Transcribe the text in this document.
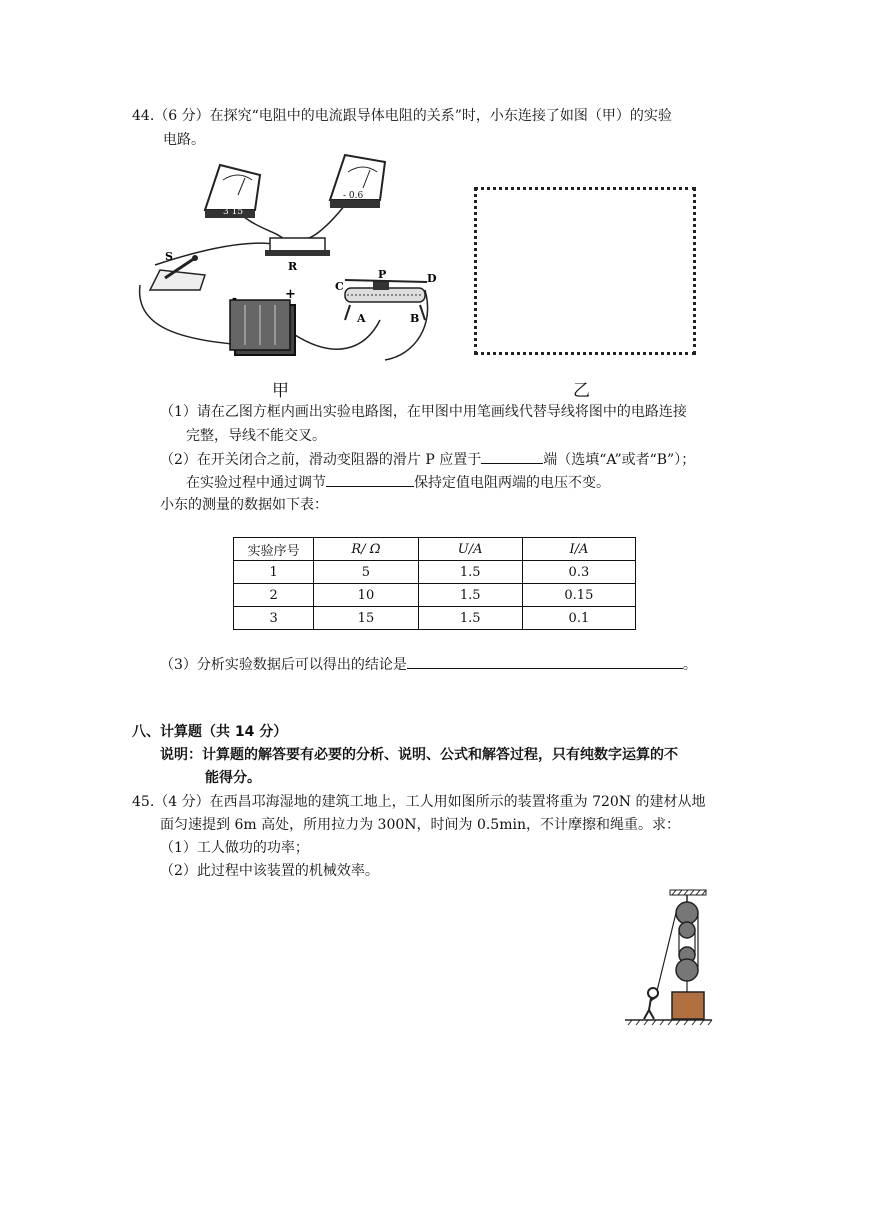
44.（6 分）在探究“电阻中的电流跟导体电阻的关系”时，小东连接了如图（甲）的实验
电路。
3 15
- 0.6
R
S
+
-
C
P	D
A	B
甲	乙
（1）请在乙图方框内画出实验电路图，在甲图中用笔画线代替导线将图中的电路连接
完整，导线不能交叉。
（2）在开关闭合之前，滑动变阻器的滑片 P 应置于	端（选填“A”或者“B”）；
在实验过程中通过调节	保持定值电阻两端的电压不变。
小东的测量的数据如下表：
实验序号	R/ Ω	U/A	I/A
1	5	1.5	0.3
2	10	1.5	0.15
3	15	1.5	0.1
（3）分析实验数据后可以得出的结论是	。
八、计算题（共 14 分）
说明：计算题的解答要有必要的分析、说明、公式和解答过程，只有纯数字运算的不
能得分。
45.（4 分）在西昌邛海湿地的建筑工地上，工人用如图所示的装置将重为 720N 的建材从地
面匀速提到 6m 高处，所用拉力为 300N，时间为 0.5min，不计摩擦和绳重。求：
（1）工人做功的功率；
（2）此过程中该装置的机械效率。
